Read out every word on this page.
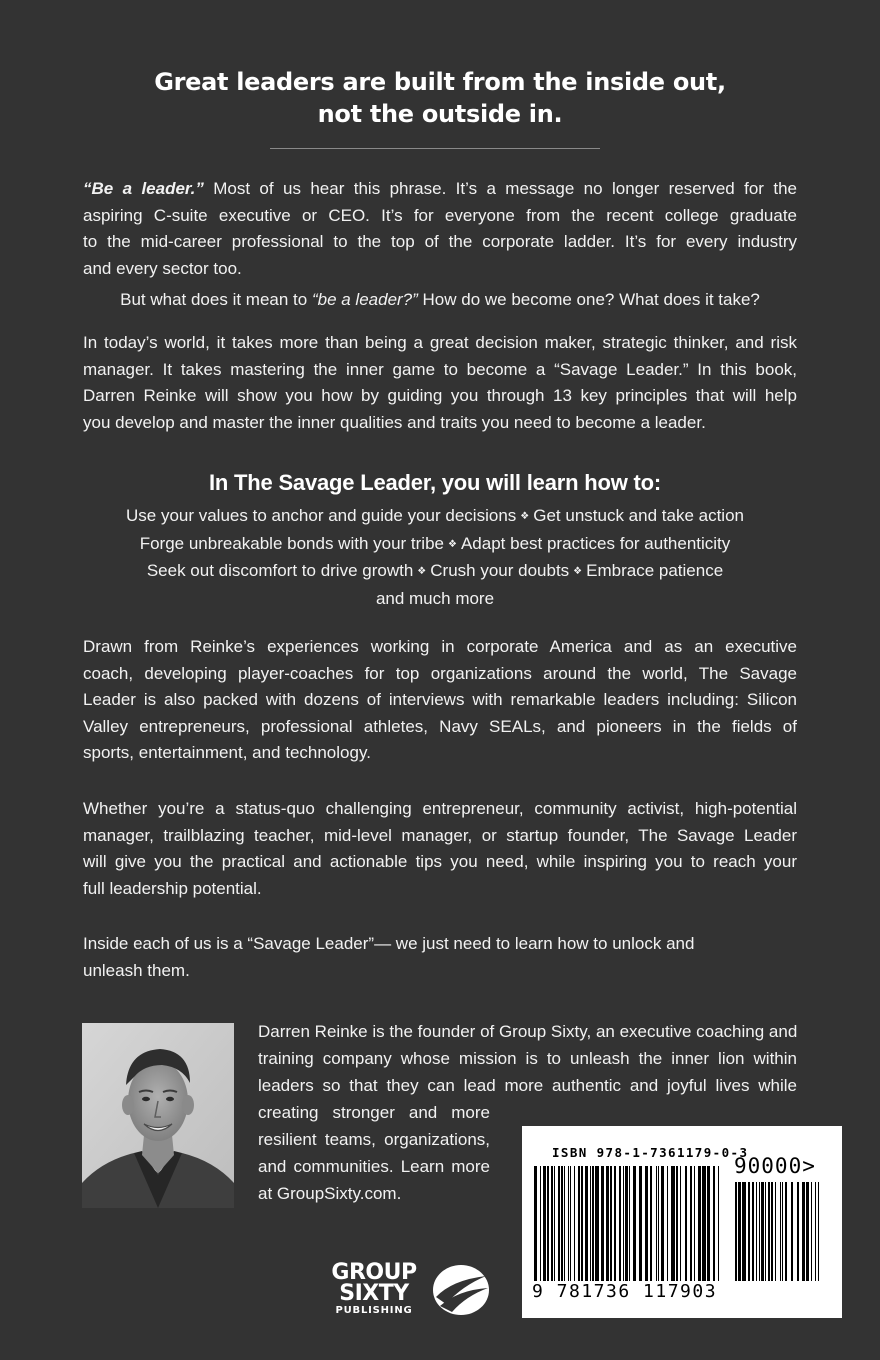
Great leaders are built from the inside out,
not the outside in.
“Be a leader.” Most of us hear this phrase. It’s a message no longer reserved for the
aspiring C-suite executive or CEO. It’s for everyone from the recent college graduate
to the mid-career professional to the top of the corporate ladder. It’s for every industry
and every sector too.
But what does it mean to “be a leader?” How do we become one? What does it take?
In today’s world, it takes more than being a great decision maker, strategic thinker, and risk
manager. It takes mastering the inner game to become a “Savage Leader.” In this book,
Darren Reinke will show you how by guiding you through 13 key principles that will help
you develop and master the inner qualities and traits you need to become a leader.
In The Savage Leader, you will learn how to:
Use your values to anchor and guide your decisions ❖ Get unstuck and take action
Forge unbreakable bonds with your tribe ❖ Adapt best practices for authenticity
Seek out discomfort to drive growth ❖ Crush your doubts ❖ Embrace patience
and much more
Drawn from Reinke’s experiences working in corporate America and as an executive
coach, developing player-coaches for top organizations around the world, The Savage
Leader is also packed with dozens of interviews with remarkable leaders including: Silicon
Valley entrepreneurs, professional athletes, Navy SEALs, and pioneers in the fields of
sports, entertainment, and technology.
Whether you’re a status-quo challenging entrepreneur, community activist, high-potential
manager, trailblazing teacher, mid-level manager, or startup founder, The Savage Leader
will give you the practical and actionable tips you need, while inspiring you to reach your
full leadership potential.
Inside each of us is a “Savage Leader”— we just need to learn how to unlock and
unleash them.
Darren Reinke is the founder of Group Sixty, an executive coaching and
training company whose mission is to unleash the inner lion within
leaders so that they can lead more authentic and joyful lives while
creating stronger and more
resilient teams, organizations,
and communities. Learn more
at GroupSixty.com.
GROUP
SIXTY
PUBLISHING
ISBN 978-1-7361179-0-3
90000>
9 781736 117903
